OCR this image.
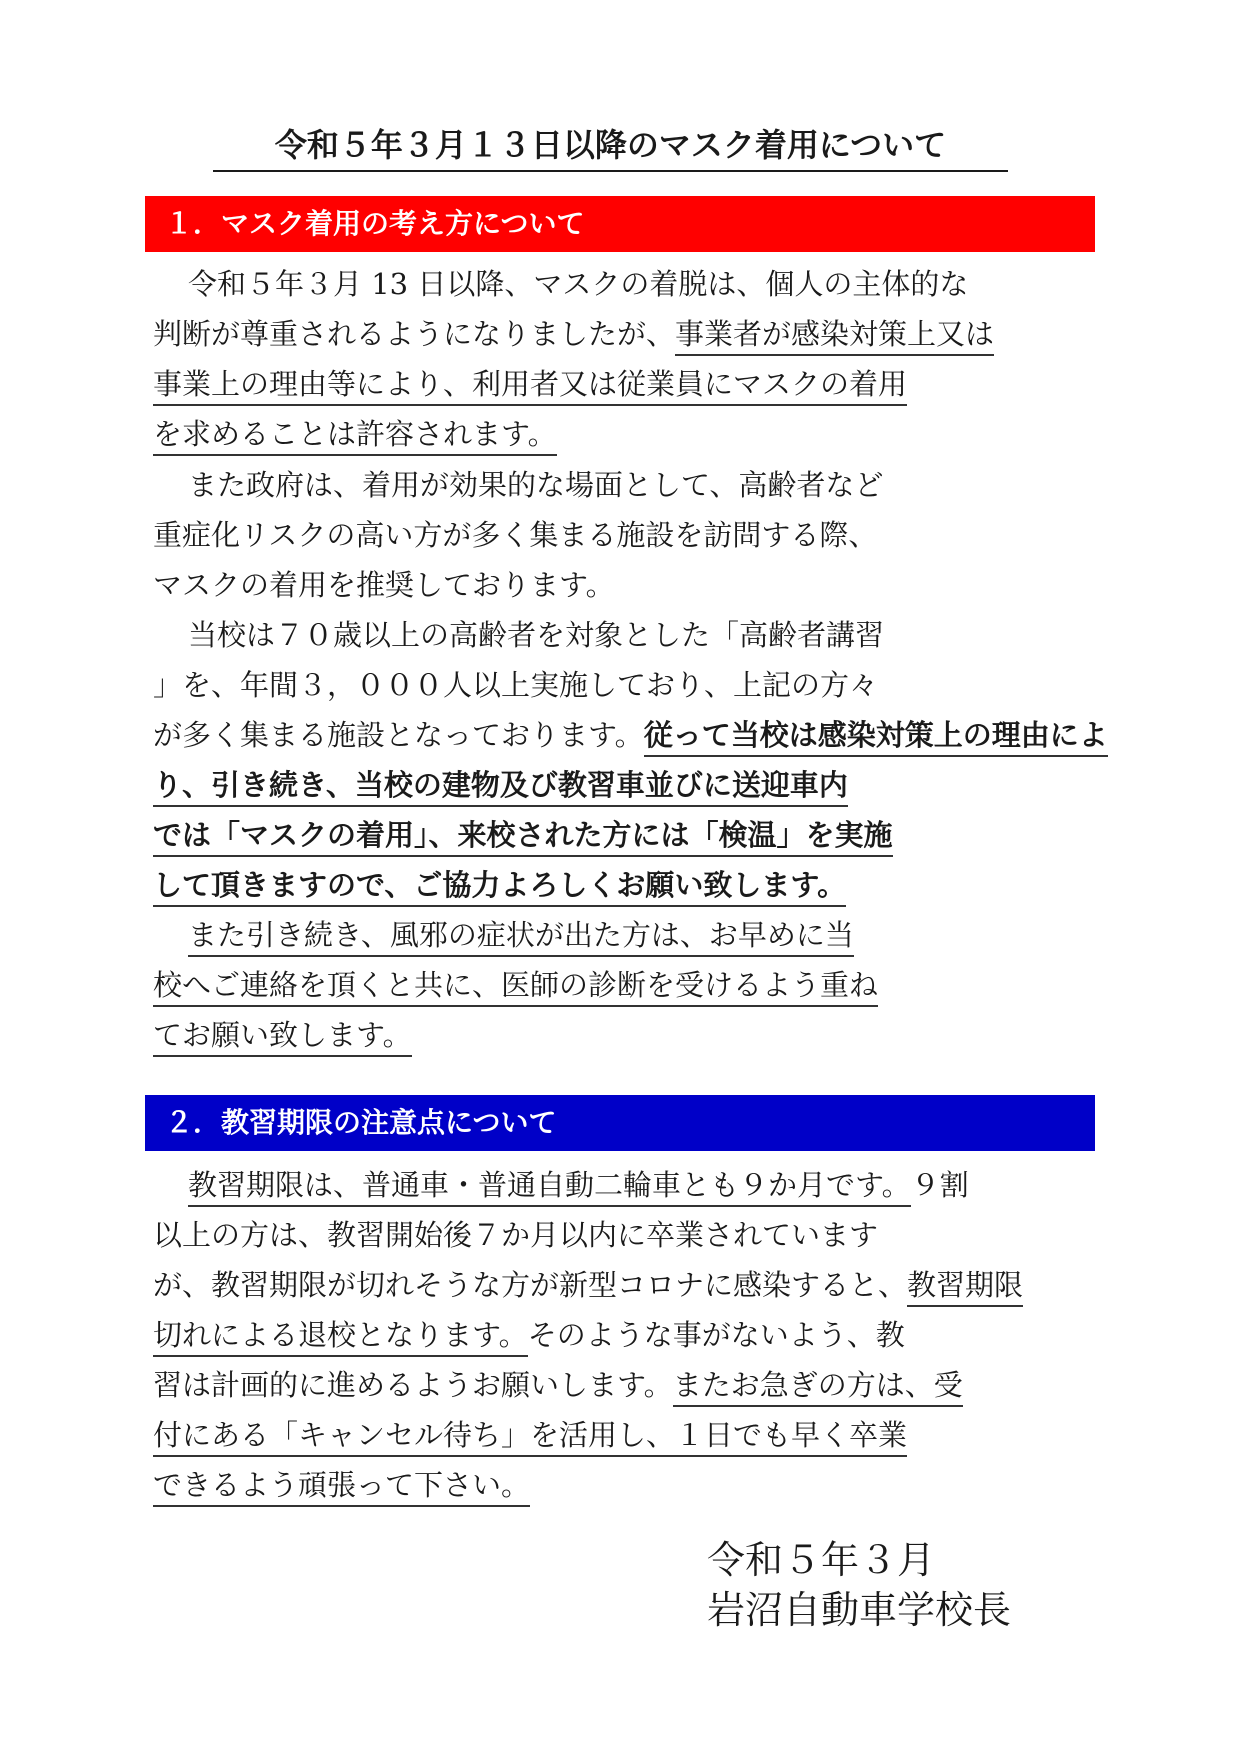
令和５年３月１３日以降のマスク着用について
１．マスク着用の考え方について
令和５年３月 13 日以降、マスクの着脱は、個人の主体的な
判断が尊重されるようになりましたが、事業者が感染対策上又は
事業上の理由等により、利用者又は従業員にマスクの着用
を求めることは許容されます。
また政府は、着用が効果的な場面として、高齢者など
重症化リスクの高い方が多く集まる施設を訪問する際、
マスクの着用を推奨しております。
当校は７０歳以上の高齢者を対象とした「高齢者講習
」を、年間３，０００人以上実施しており、上記の方々
が多く集まる施設となっております。従って当校は感染対策上の理由によ
り、引き続き、当校の建物及び教習車並びに送迎車内
では「マスクの着用」、来校された方には「検温」を実施
して頂きますので、ご協力よろしくお願い致します。
また引き続き、風邪の症状が出た方は、お早めに当
校へご連絡を頂くと共に、医師の診断を受けるよう重ね
てお願い致します。
２．教習期限の注意点について
教習期限は、普通車・普通自動二輪車とも９か月です。９割
以上の方は、教習開始後７か月以内に卒業されています
が、教習期限が切れそうな方が新型コロナに感染すると、教習期限
切れによる退校となります。そのような事がないよう、教
習は計画的に進めるようお願いします。またお急ぎの方は、受
付にある「キャンセル待ち」を活用し、１日でも早く卒業
できるよう頑張って下さい。
令和５年３月
岩沼自動車学校長
